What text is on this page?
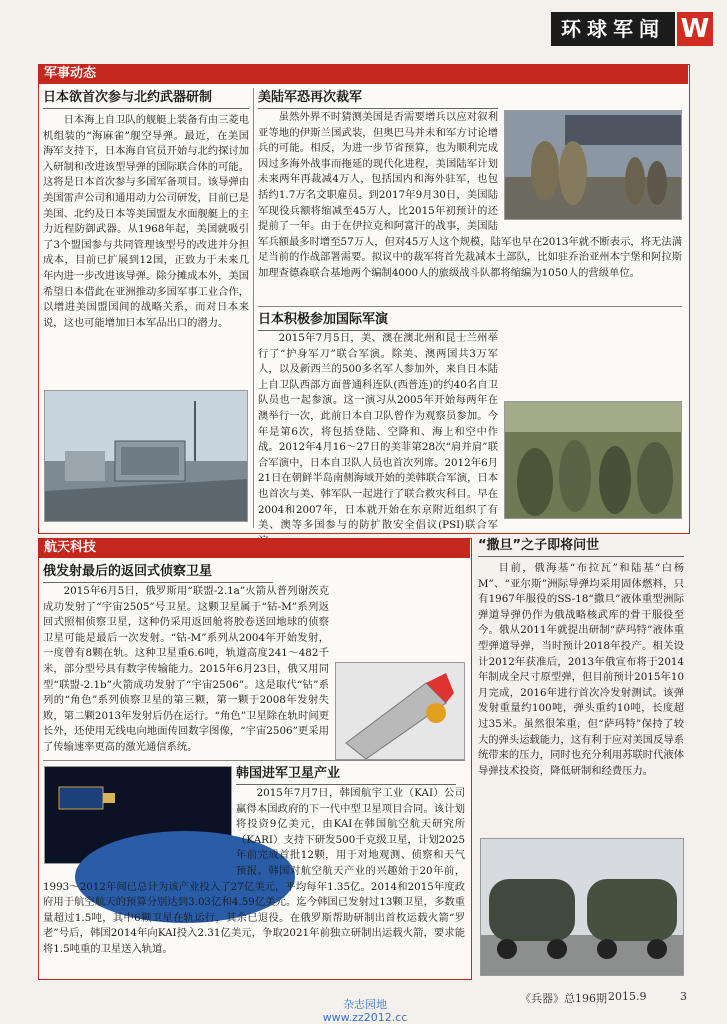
环球军闻 W
军事动态
日本欲首次参与北约武器研制
日本海上自卫队的舰艇上装备有由三菱电机组装的“海麻雀”舰空导弹。最近，在美国海军支持下，日本海自官员开始与北约探讨加入研制和改进该型导弹的国际联合体的可能。这将是日本首次参与多国军备项目。该导弹由美国雷声公司和通用动力公司研发，目前已是美国、北约及日本等美国盟友水面舰艇上的主力近程防御武器。从1968年起，美国就吸引了3个盟国参与共同管理该型号的改进并分担成本，目前已扩展到12国，正致力于未来几年内进一步改进该导弹。除分摊成本外，美国希望日本借此在亚洲推动多国军事工业合作，以增进美国盟国间的战略关系，而对日本来说，这也可能增加日本军品出口的潜力。
美陆军恐再次裁军
虽然外界不时猜测美国是否需要增兵以应对叙利亚等地的伊斯兰国武装，但奥巴马并未和军方讨论增兵的可能。相反，为进一步节省预算，也为顺利完成因过多海外战事而拖延的现代化进程，美国陆军计划未来两年再裁减4万人，包括国内和海外驻军，也包括约1.7万名文职雇员。到2017年9月30日，美国陆军现役兵额将缩减至45万人，比2015年初预计的还提前了一年。由于在伊拉克和阿富汗的战事，美国陆军兵额最多时增至57万人，但对45万人这个规模，陆军也早在2013年就不断表示，将无法满足当前的作战部署需要。拟议中的裁军将首先裁减本土部队，比如驻乔治亚州本宁堡和阿拉斯加理查德森联合基地两个编制4000人的旅级战斗队都将缩编为1050人的营级单位。
日本积极参加国际军演
2015年7月5日，美、澳在澳北州和昆士兰州举行了“护身军刀”联合军演。除美、澳两国共3万军人，以及新西兰的500多名军人参加外，来自日本陆上自卫队西部方面普通科连队(西普连)的约40名自卫队员也一起参演。这一演习从2005年开始每两年在澳举行一次，此前日本自卫队曾作为观察员参加。今年是第6次，将包括登陆、空降和、海上和空中作战。2012年4月16～27日的美菲第28次“肩并肩”联合军演中，日本自卫队人员也首次列席。2012年6月21日在朝鲜半岛南侧海域开始的美韩联合军演，日本也首次与美、韩军队一起进行了联合救灾科目。早在2004和2007年，日本就开始在东京附近组织了有美、澳等多国参与的防扩散安全倡议(PSI)联合军
航天科技
俄发射最后的返回式侦察卫星
2015年6月5日，俄罗斯用“联盟-2.1a”火箭从普列谢茨克成功发射了“宇宙2505”号卫星。这颗卫星属于“钴-M”系列返回式照相侦察卫星，这种仍采用返回舱将胶卷送回地球的侦察卫星可能是最后一次发射。“钴-M”系列从2004年开始发射，一度曾有8颗在轨。这种卫星重6.6吨，轨道高度241～482千米，部分型号具有数字传输能力。2015年6月23日，俄又用同型“联盟-2.1b”火箭成功发射了“宇宙2506”。这是取代“钴”系列的“角色”系列侦察卫星的第三颗，第一颗于2008年发射失败，第二颗2013年发射后仍在运行。“角色”卫星除在轨时间更长外，还使用无线电向地面传回数字图像，“宇宙2506”更采用了传输速率更高的激光通信系统。
韩国进军卫星产业
2015年7月7日，韩国航宇工业（KAI）公司赢得本国政府的下一代中型卫星项目合同。该计划将投资9亿美元，由KAI在韩国航空航天研究所（KARI）支持下研发500千克级卫星，计划2025年前完成首批12颗，用于对地观测、侦察和天气预报。韩国对航空航天产业的兴趣始于20年前，1993～2012年间已总计为该产业投入了27亿美元，平均每年1.35亿。2014和2015年度政府用于航空航天的预算分别达到3.03亿和4.59亿美元。迄今韩国已发射过13颗卫星，多数重量超过1.5吨，其中6颗卫星在轨运行，其余已退役。在俄罗斯帮助研制出首枚运载火箭“罗老”号后，韩国2014年向KAI投入2.31亿美元，争取2021年前独立研制出运载火箭，要求能将1.5吨重的卫星送入轨道。
“撒旦”之子即将问世
目前，俄海基“布拉瓦”和陆基“白杨M”、“亚尔斯”洲际导弹均采用固体燃料，只有1967年服役的SS-18“撒旦”液体重型洲际弹道导弹仍作为俄战略核武库的骨干服役至今。俄从2011年就提出研制“萨玛特”液体重型弹道导弹，当时预计2018年投产。相关设计2012年获准后，2013年俄宣布将于2014年制成全尺寸原型弹，但目前预计2015年10月完成，2016年进行首次冷发射测试。该弹发射重量约100吨，弹头重约10吨，长度超过35米。虽然很笨重，但“萨玛特”保持了较大的弹头运载能力，这有利于应对美国反导系统带来的压力，同时也充分利用苏联时代液体导弹技术投资，降低研制和经费压力。
《兵器》总196期 2015.9	3
杂志园地
www.zz2012.cc
